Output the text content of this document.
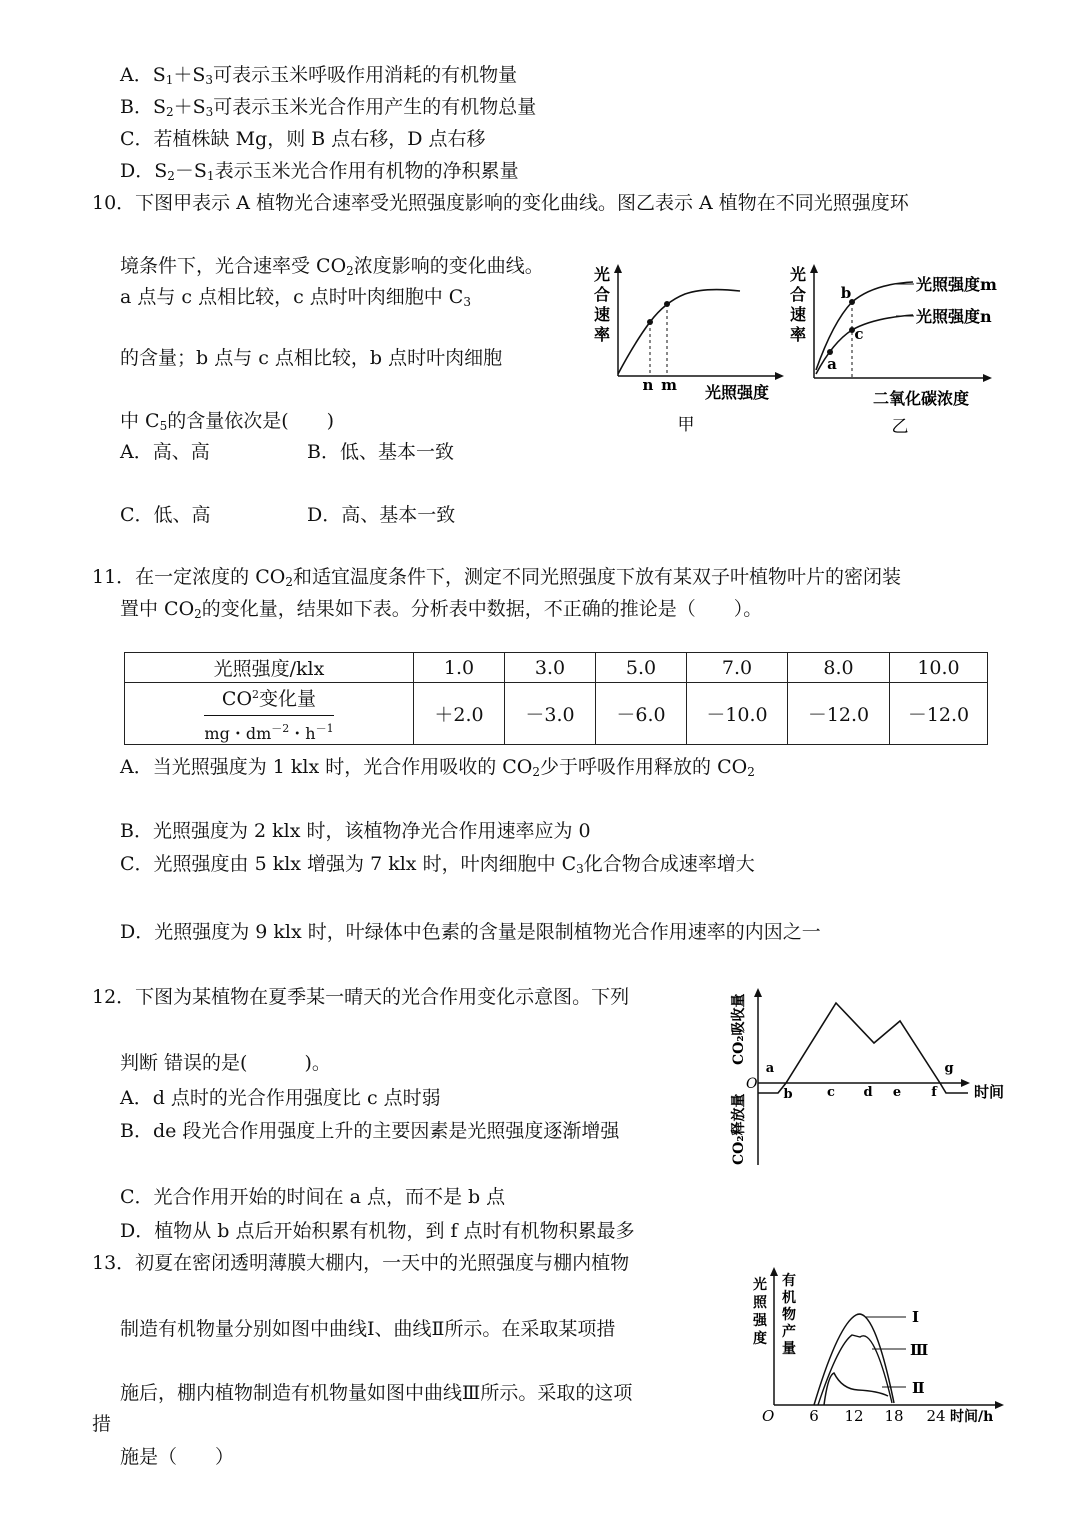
A．$S_1+S_3$可表示玉米呼吸作用消耗的有机物量
B．$S_2+S_3$可表示玉米光合作用产生的有机物总量
C．若植株缺 Mg，则 B 点右移，D 点右移
D．$S_2-S_1$表示玉米光合作用有机物的净积累量
10．下图甲表示 A 植物光合速率受光照强度影响的变化曲线。图乙表示 A 植物在不同光照强度环
境条件下，光合速率受 $CO_2$浓度影响的变化曲线。
a 点与 c 点相比较，c 点时叶肉细胞中 $C_3$
的含量；b 点与 c 点相比较，b 点时叶肉细胞
中 $C_5$的含量依次是(　　)
A．高、高	B．低、基本一致
C．低、高	D．高、基本一致
光合速率
n m 光照强度
甲
光合速率
a
b
c
光照强度m
光照强度n
二氧化碳浓度
乙
11．在一定浓度的 $CO_2$和适宜温度条件下，测定不同光照强度下放有某双子叶植物叶片的密闭装
置中 $CO_2$的变化量，结果如下表。分析表中数据，不正确的推论是（　　）。
光照强度/klx	1.0	3.0	5.0	7.0	8.0	10.0

$\frac{CO^2变化量}{mg・dm^{-2}・h^{-1}}$	＋2.0	－3.0	－6.0	－10.0	－12.0	－12.0
A．当光照强度为 1 klx 时，光合作用吸收的 $CO_2$少于呼吸作用释放的 $CO_2$
B．光照强度为 2 klx 时，该植物净光合作用速率应为 0
C．光照强度由 5 klx 增强为 7 klx 时，叶肉细胞中 $C_3$化合物合成速率增大
D．光照强度为 9 klx 时，叶绿体中色素的含量是限制植物光合作用速率的内因之一
12．下图为某植物在夏季某一晴天的光合作用变化示意图。下列
判断 错误的是(　　　)。
A．d 点时的光合作用强度比 c 点时弱
B．de 段光合作用强度上升的主要因素是光照强度逐渐增强
C．光合作用开始的时间在 a 点，而不是 b 点
D．植物从 b 点后开始积累有机物，到 f 点时有机物积累最多
CO₂吸收量
CO₂释放量
O
a
b	c d e f
g
时间
13．初夏在密闭透明薄膜大棚内，一天中的光照强度与棚内植物
制造有机物量分别如图中曲线Ⅰ、曲线Ⅱ所示。在采取某项措
施后，棚内植物制造有机物量如图中曲线Ⅲ所示。采取的这项
措
施是（　　）
Ⅰ
Ⅲ
Ⅱ
光照强度
有机物产量
O 6 12 18 24 时间/h
